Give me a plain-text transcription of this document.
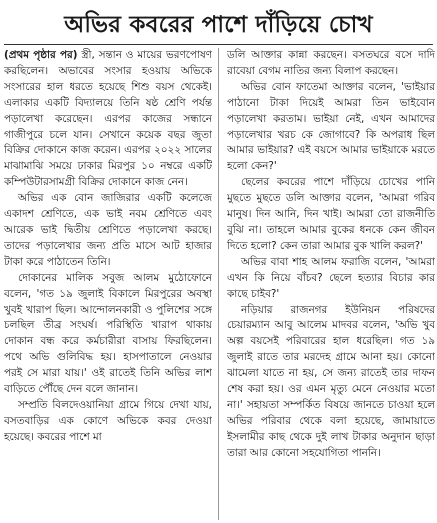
অভির কবরের পাশে দাঁড়িয়ে চোখ

(প্রথম পৃষ্ঠার পর) স্ত্রী, সন্তান ও মায়ের ভরণপোষণ করছিলেন। অভাবের সংসার হওয়ায় অভিকে সংসারের হাল ধরতে হয়েছে শিশু বয়স থেকেই। এলাকার একটি বিদ্যালয়ে তিনি ষষ্ঠ শ্রেণি পর্যন্ত পড়ালেখা করেছেন। এরপর কাজের সন্ধানে গাজীপুরে চলে যান। সেখানে কয়েক বছর জুতা বিক্রির দোকানে কাজ করেন। এরপর ২০২২ সালের মাঝামাঝি সময়ে ঢাকার মিরপুর ১০ নম্বরে একটি কম্পিউটারসামগ্রী বিক্রির দোকানে কাজ নেন।

অভির এক বোন জাজিরার একটি কলেজে একাদশ শ্রেণিতে, এক ভাই নবম শ্রেণিতে এবং আরেক ভাই দ্বিতীয় শ্রেণিতে পড়ালেখা করছে। তাদের পড়ালেখার জন্য প্রতি মাসে আট হাজার টাকা করে পাঠাতেন তিনি।

দোকানের মালিক সবুজ আলম মুঠোফোনে বলেন, 'গত ১৯ জুলাই বিকালে মিরপুরের অবস্থা খুবই খারাপ ছিল। আন্দোলনকারী ও পুলিশের সঙ্গে চলছিল তীব্র সংঘর্ষ। পরিস্থিতি খারাপ থাকায় দোকান বন্ধ করে কর্মচারীরা বাসায় ফিরছিলেন। পথে অভি গুলিবিদ্ধ হয়। হাসপাতালে নেওয়ার পরই সে মারা যায়।' ওই রাতেই তিনি অভির লাশ বাড়িতে পৌঁছে দেন বলে জানান।

সম্প্রতি বিলদেওয়ানিয়া গ্রামে গিয়ে দেখা যায়, বসতবাড়ির এক কোণে অভিকে কবর দেওয়া হয়েছে। কবরের পাশে মা

ডলি আক্তার কান্না করছেন। বসতঘরে বসে দাদি রাবেয়া বেগম নাতির জন্য বিলাপ করছেন।

অভির বোন ফাতেমা আক্তার বলেন, 'ভাইয়ার পাঠানো টাকা দিয়েই আমরা তিন ভাইবোন পড়ালেখা করতাম। ভাইয়া নেই, এখন আমাদের পড়ালেখার খরচ কে জোগাবে? কি অপরাধ ছিল আমার ভাইয়ার? এই বয়সে আমার ভাইয়াকে মরতে হলো কেন?'

ছেলের কবরের পাশে দাঁড়িয়ে চোখের পানি মুছতে মুছতে ডলি আক্তার বলেন, 'আমরা গরিব মানুষ। দিন আনি, দিন খাই। আমরা তো রাজনীতি বুঝি না। তাহলে আমার বুকের ধনকে কেন জীবন দিতে হলো? কেন তারা আমার বুক খালি করল?'

অভির বাবা শাহ আলম ফরাজি বলেন, 'আমরা এখন কি নিয়ে বাঁচব? ছেলে হত্যার বিচার কার কাছে চাইব?'

নড়িয়ার রাজনগর ইউনিয়ন পরিষদের চেয়ারম্যান আবু আলেম মাদবর বলেন, 'অভি খুব অল্প বয়সেই পরিবারের হাল ধরেছিল। গত ১৯ জুলাই রাতে তার মরদেহ গ্রামে আনা হয়। কোনো ঝামেলা যাতে না হয়, সে জন্য রাতেই তার দাফন শেষ করা হয়। ওর এমন মৃত্যু মেনে নেওয়ার মতো না।' সহায়তা সম্পর্কিত বিষয়ে জানতে চাওয়া হলে অভির পরিবার থেকে বলা হয়েছে, জামায়াতে ইসলামীর কাছ থেকে দুই লাখ টাকার অনুদান ছাড়া তারা আর কোনো সহযোগিতা পাননি।
